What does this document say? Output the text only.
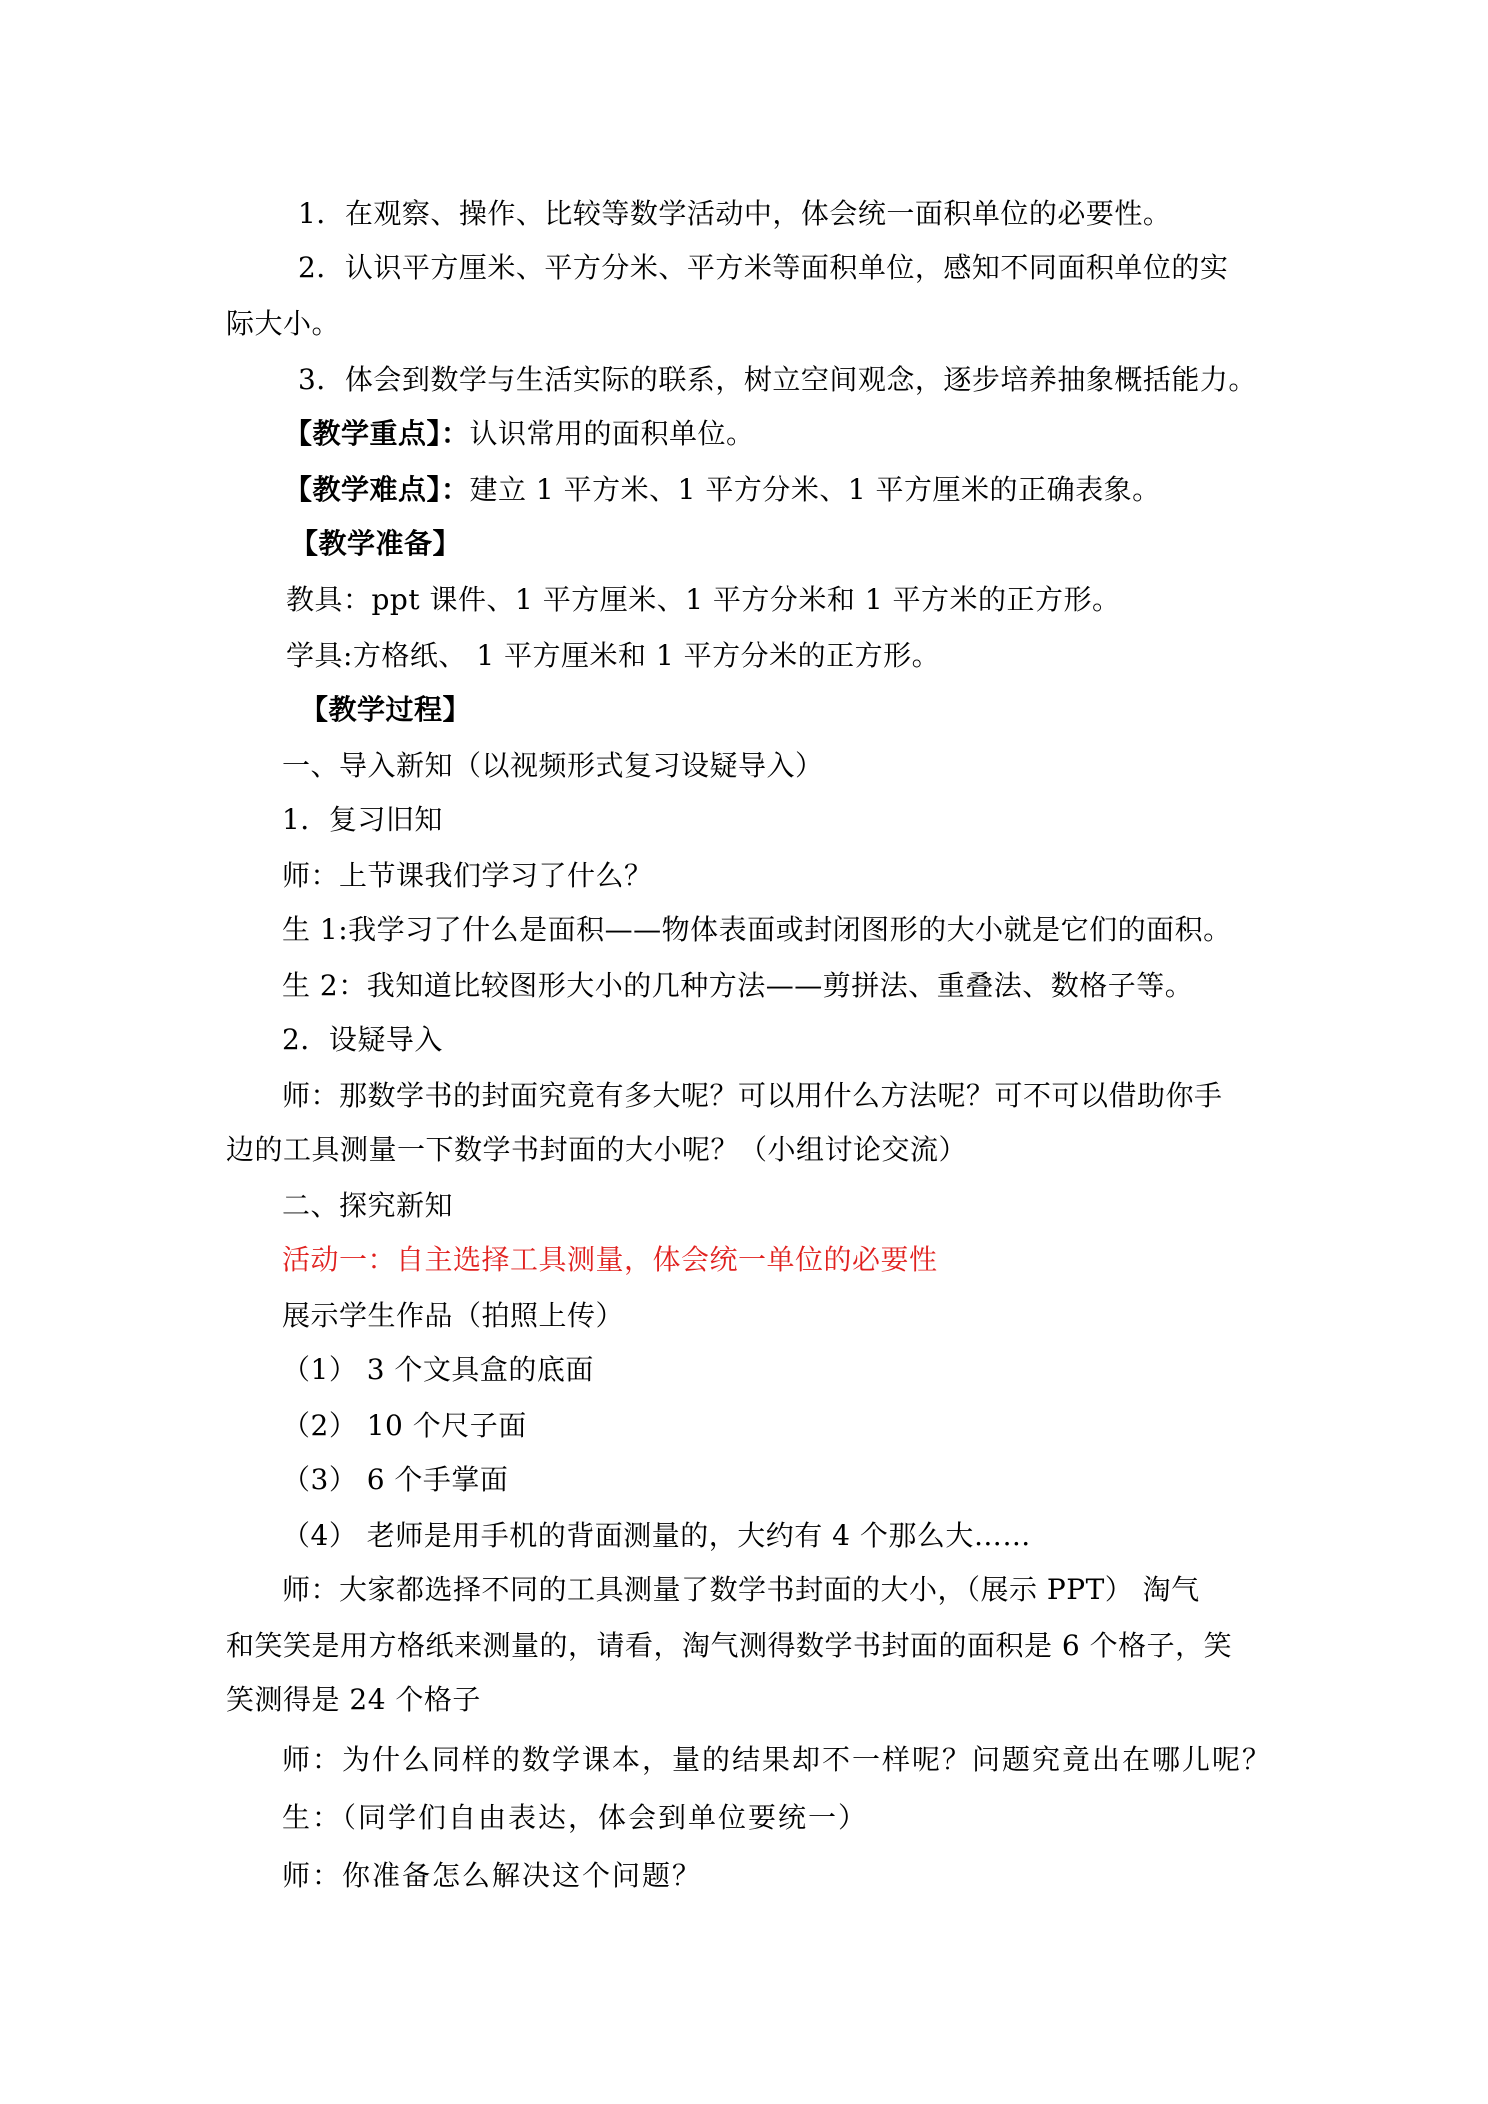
1．在观察、操作、比较等数学活动中，体会统一面积单位的必要性。
2．认识平方厘米、平方分米、平方米等面积单位，感知不同面积单位的实
际大小。
3．体会到数学与生活实际的联系，树立空间观念，逐步培养抽象概括能力。
【教学重点】：认识常用的面积单位。
【教学难点】：建立 1 平方米、1 平方分米、1 平方厘米的正确表象。
【教学准备】
教具：ppt 课件、1 平方厘米、1 平方分米和 1 平方米的正方形。
学具:方格纸、 1 平方厘米和 1 平方分米的正方形。
【教学过程】
一、导入新知（以视频形式复习设疑导入）
1．复习旧知
师：上节课我们学习了什么？
生 1:我学习了什么是面积——物体表面或封闭图形的大小就是它们的面积。
生 2：我知道比较图形大小的几种方法——剪拼法、重叠法、数格子等。
2．设疑导入
师：那数学书的封面究竟有多大呢？可以用什么方法呢？可不可以借助你手
边的工具测量一下数学书封面的大小呢？（小组讨论交流）
二、探究新知
活动一：自主选择工具测量，体会统一单位的必要性
展示学生作品（拍照上传）
（1） 3 个文具盒的底面
（2） 10 个尺子面
（3） 6 个手掌面
（4） 老师是用手机的背面测量的，大约有 4 个那么大……
师：大家都选择不同的工具测量了数学书封面的大小，（展示 PPT） 淘气
和笑笑是用方格纸来测量的，请看，淘气测得数学书封面的面积是 6 个格子，笑
笑测得是 24 个格子
师：为什么同样的数学课本，量的结果却不一样呢？问题究竟出在哪儿呢？
生：（同学们自由表达，体会到单位要统一）
师：你准备怎么解决这个问题？
